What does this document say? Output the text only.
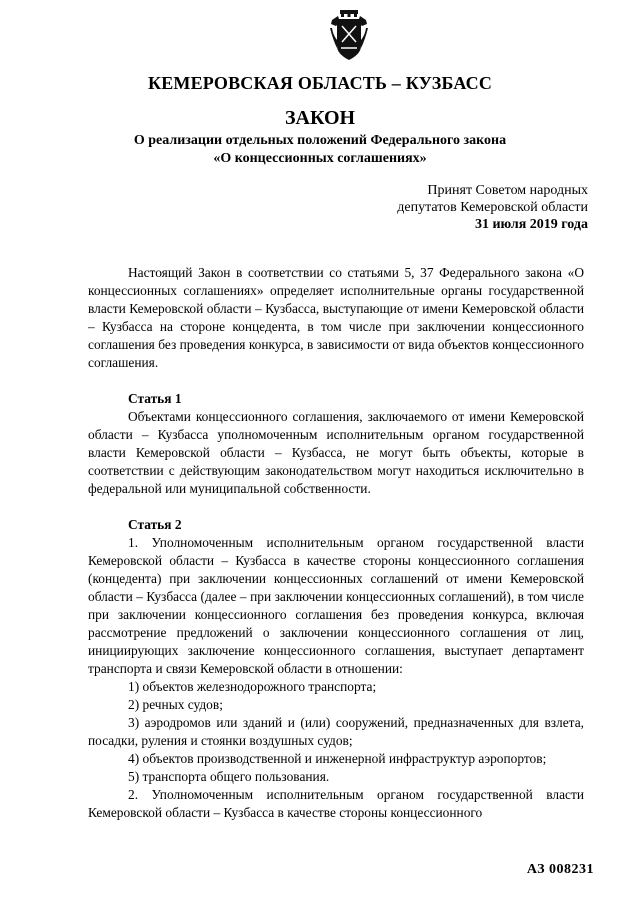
КЕМЕРОВСКАЯ ОБЛАСТЬ – КУЗБАСС
ЗАКОН
О реализации отдельных положений Федерального закона
«О концессионных соглашениях»
Принят Советом народных
депутатов Кемеровской области
31 июля 2019 года

Настоящий Закон в соответствии со статьями 5, 37 Федерального закона «О концессионных соглашениях» определяет исполнительные органы государственной власти Кемеровской области – Кузбасса, выступающие от имени Кемеровской области – Кузбасса на стороне концедента, в том числе при заключении концессионного соглашения без проведения конкурса, в зависимости от вида объектов концессионного соглашения.

Статья 1

Объектами концессионного соглашения, заключаемого от имени Кемеровской области – Кузбасса уполномоченным исполнительным органом государственной власти Кемеровской области – Кузбасса, не могут быть объекты, которые в соответствии с действующим законодательством могут находиться исключительно в федеральной или муниципальной собственности.

Статья 2

1. Уполномоченным исполнительным органом государственной власти Кемеровской области – Кузбасса в качестве стороны концессионного соглашения (концедента) при заключении концессионных соглашений от имени Кемеровской области – Кузбасса (далее – при заключении концессионных соглашений), в том числе при заключении концессионного соглашения без проведения конкурса, включая рассмотрение предложений о заключении концессионного соглашения от лиц, инициирующих заключение концессионного соглашения, выступает департамент транспорта и связи Кемеровской области в отношении:

1) объектов железнодорожного транспорта;

2) речных судов;

3) аэродромов или зданий и (или) сооружений, предназначенных для взлета, посадки, руления и стоянки воздушных судов;

4) объектов производственной и инженерной инфраструктур аэропортов;

5) транспорта общего пользования.

2. Уполномоченным исполнительным органом государственной власти Кемеровской области – Кузбасса в качестве стороны концессионного

АЗ 008231
